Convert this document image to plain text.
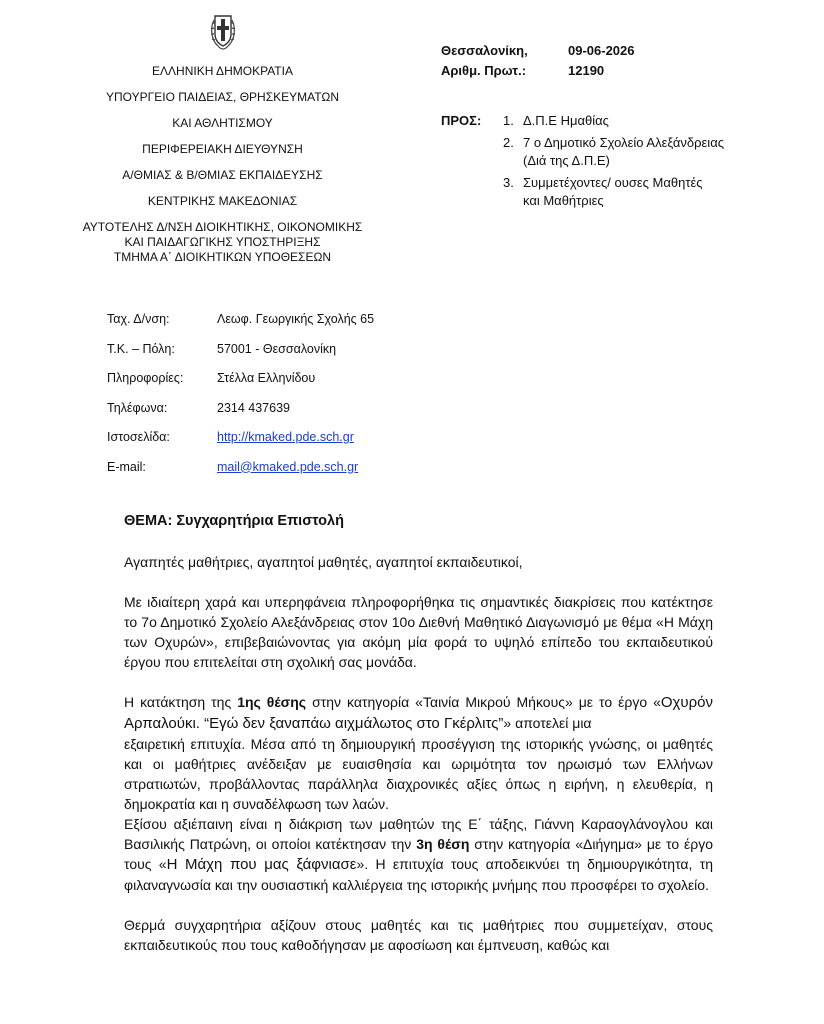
ΕΛΛΗΝΙΚΗ ΔΗΜΟΚΡΑΤΙΑ
ΥΠΟΥΡΓΕΙΟ ΠΑΙΔΕΙΑΣ, ΘΡΗΣΚΕΥΜΑΤΩΝ
ΚΑΙ ΑΘΛΗΤΙΣΜΟΥ
ΠΕΡΙΦΕΡΕΙΑΚΗ ΔΙΕΥΘΥΝΣΗ
Α/ΘΜΙΑΣ & Β/ΘΜΙΑΣ ΕΚΠΑΙΔΕΥΣΗΣ
ΚΕΝΤΡΙΚΗΣ ΜΑΚΕΔΟΝΙΑΣ
ΑΥΤΟΤΕΛΗΣ Δ/ΝΣΗ ΔΙΟΙΚΗΤΙΚΗΣ, ΟΙΚΟΝΟΜΙΚΗΣ
ΚΑΙ ΠΑΙΔΑΓΩΓΙΚΗΣ ΥΠΟΣΤΗΡΙΞΗΣ
ΤΜΗΜΑ Α΄ ΔΙΟΙΚΗΤΙΚΩΝ ΥΠΟΘΕΣΕΩΝ
Θεσσαλονίκη,	09-06-2026
Αριθμ. Πρωτ.:	12190
ΠΡΟΣ: 1. Δ.Π.Ε Ημαθίας
2. 7 ο Δημοτικό Σχολείο Αλεξάνδρειας
(Διά της Δ.Π.Ε)
3. Συμμετέχοντες/ ουσες Μαθητές
και Μαθήτριες
Ταχ. Δ/νση:	Λεωφ. Γεωργικής Σχολής 65
Τ.Κ. – Πόλη:	57001 - Θεσσαλονίκη
Πληροφορίες:	Στέλλα Ελληνίδου
Τηλέφωνα:	2314 437639
Ιστοσελίδα:	http://kmaked.pde.sch.gr
E-mail:	mail@kmaked.pde.sch.gr
ΘΕΜΑ: Συγχαρητήρια Επιστολή

Αγαπητές μαθήτριες, αγαπητοί μαθητές, αγαπητοί εκπαιδευτικοί,

Με ιδιαίτερη χαρά και υπερηφάνεια πληροφορήθηκα τις σημαντικές διακρίσεις που κατέκτησε το 7ο Δημοτικό Σχολείο Αλεξάνδρειας στον 10ο Διεθνή Μαθητικό Διαγωνισμό με θέμα «Η Μάχη των Οχυρών», επιβεβαιώνοντας για ακόμη μία φορά το υψηλό επίπεδο του εκπαιδευτικού έργου που επιτελείται στη σχολική σας μονάδα.

Η κατάκτηση της 1ης θέσης στην κατηγορία «Ταινία Μικρού Μήκους» με το έργο «Οχυρόν Αρπαλούκι. “Εγώ δεν ξαναπάω αιχμάλωτος στο Γκέρλιτς”» αποτελεί μια

εξαιρετική επιτυχία. Μέσα από τη δημιουργική προσέγγιση της ιστορικής γνώσης, οι μαθητές και οι μαθήτριες ανέδειξαν με ευαισθησία και ωριμότητα τον ηρωισμό των Ελλήνων στρατιωτών, προβάλλοντας παράλληλα διαχρονικές αξίες όπως η ειρήνη, η ελευθερία, η δημοκρατία και η συναδέλφωση των λαών.

Εξίσου αξιέπαινη είναι η διάκριση των μαθητών της Ε΄ τάξης, Γιάννη Καραογλάνογλου και Βασιλικής Πατρώνη, οι οποίοι κατέκτησαν την 3η θέση στην κατηγορία «Διήγημα» με το έργο τους «Η Μάχη που μας ξάφνιασε». Η επιτυχία τους αποδεικνύει τη δημιουργικότητα, τη φιλαναγνωσία και την ουσιαστική καλλιέργεια της ιστορικής μνήμης που προσφέρει το σχολείο.

Θερμά συγχαρητήρια αξίζουν στους μαθητές και τις μαθήτριες που συμμετείχαν, στους εκπαιδευτικούς που τους καθοδήγησαν με αφοσίωση και έμπνευση, καθώς και
